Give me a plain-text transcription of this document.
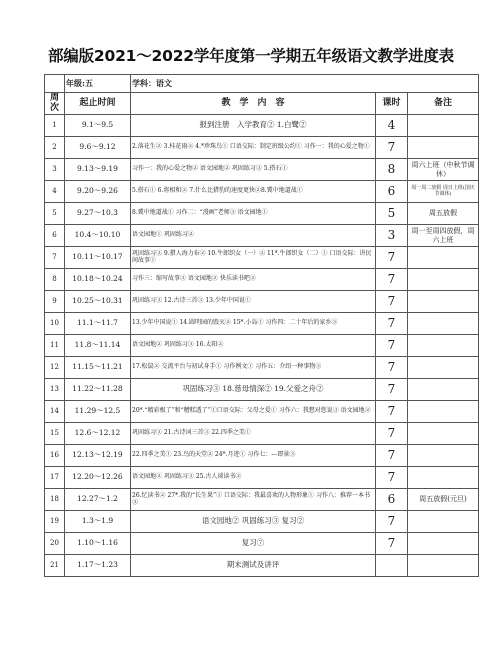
部编版2021～2022学年度第一学期五年级语文教学进度表
	年级:五	学科：语文		
周次	起止时间	教　学　内　容	课时	备注
1	9.1～9.5	报到注册　入学教育② 1.白鹭②	4	
2	9.6～9.12	2.落花生② 3.桂花雨② 4.*珍珠鸟① 口语交际：制定班级公约① 习作一：我的心爱之物①	7	
3	9.13～9.19	习作一：我的心爱之物② 语文园地② 巩固练习③ 5.搭石①	8	周六上班（中秋节调休）
4	9.20～9.26	5.搭石① 6.将相和② 7.什么比猎豹的速度更快②8.冀中地道战①	6	周一周二放假 周日上班(国庆节调休)
5	9.27～10.3	8.冀中地道战① 习作二：“漫画”老师③ 语文园地①	5	周五放假
6	10.4～10.10	语文园地① 巩固练习②	3	周一至周四放假，周六上班
7	10.11～10.17	巩固练习③ 9.猎人海力布② 10.牛郎织女（一）② 11*.牛郎织女（二）① 口语交际：讲民间故事①	7	
8	10.18～10.24	习作三：缩写故事③ 语文园地② 快乐读书吧②	7	
9	10.25～10.31	巩固练习③ 12.古诗三首③ 13.少年中国说①	7	
10	11.1～11.7	13.少年中国说① 14.圆明园的毁灭② 15*.小岛① 习作四：二十年后的家乡③	7	
11	11.8～11.14	语文园地② 巩固练习③ 16.太阳②	7	
12	11.15～11.21	17.松鼠② 交流平台与初试身手① 习作例文① 习作五：介绍一种事物③	7	
13	11.22～11.28	巩固练习③ 18.慈母情深② 19.父爱之舟②	7	
14	11.29～12.5	20*.“精彩极了”和“糟糕透了”①口语交际：父母之爱① 习作六：我想对您说③ 语文园地②	7	
15	12.6～12.12	巩固练习③ 21.古诗词三首③ 22.四季之美①	7	
16	12.13～12.19	22.四季之美① 23.鸟的天堂② 24*.月迹① 习作七：---即景③	7	
17	12.20～12.26	语文园地② 巩固练习③ 25.古人谈读书②	7	
18	12.27～1.2	26.忆读书② 27*.我的“长生果”① 口语交际：我最喜欢的人物形象① 习作八：推荐一本书③	6	周五放假(元旦)
19	1.3～1.9	语文园地② 巩固练习③ 复习②	7	
20	1.10～1.16	复习⑦	7	
21	1.17～1.23	期末测试及讲评		
